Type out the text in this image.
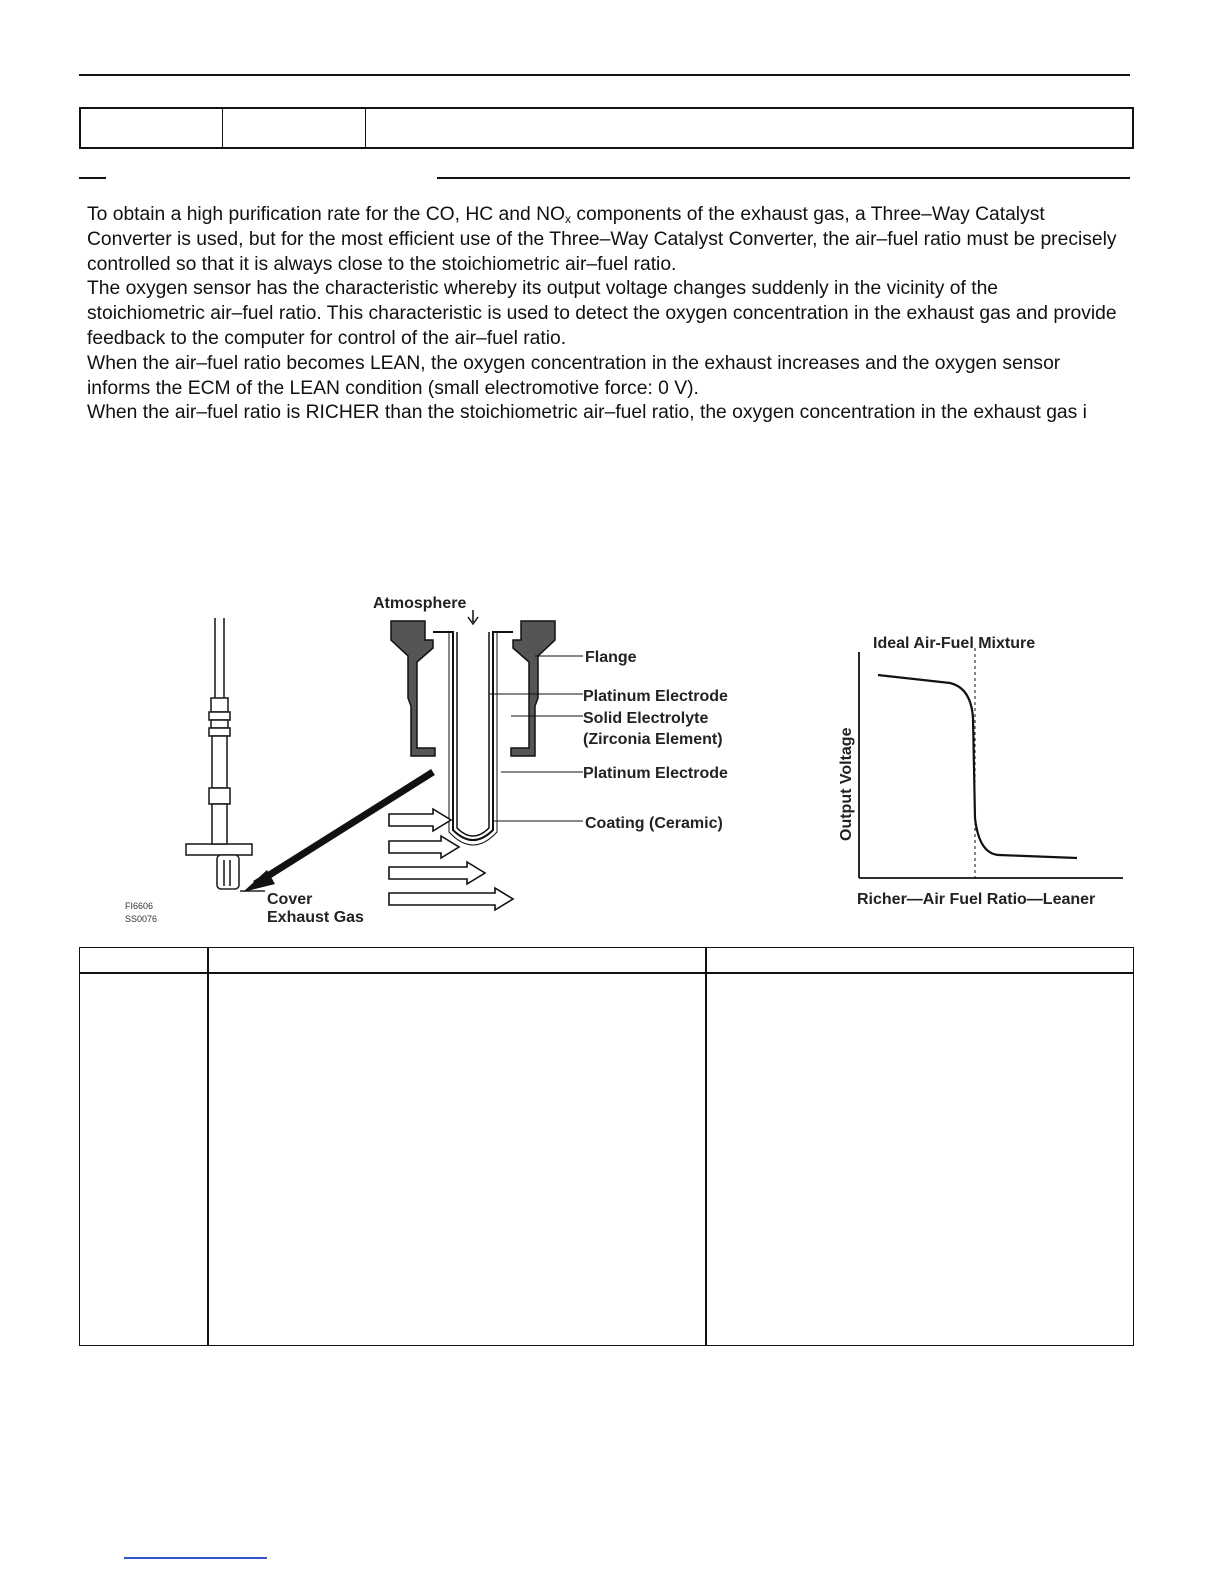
To obtain a high purification rate for the CO, HC and $NO_x$ components of the exhaust gas, a Three–Way Catalyst Converter is used, but for the most efficient use of the Three–Way Catalyst Converter, the air–fuel ratio must be precisely controlled so that it is always close to the stoichiometric air–fuel ratio.

The oxygen sensor has the characteristic whereby its output voltage changes suddenly in the vicinity of the stoichiometric air–fuel ratio. This characteristic is used to detect the oxygen concentration in the exhaust gas and provide feedback to the computer for control of the air–fuel ratio.

When the air–fuel ratio becomes LEAN, the oxygen concentration in the exhaust increases and the oxygen sensor informs the ECM of the LEAN condition (small electromotive force: 0 V).

When the air–fuel ratio is RICHER than the stoichiometric air–fuel ratio, the oxygen concentration in the exhaust gas i

Atmosphere
Flange
Platinum Electrode
Solid Electrolyte
(Zirconia Element)
Platinum Electrode
Coating (Ceramic)
Cover
Exhaust Gas
FI6606
SS0076
Ideal Air-Fuel Mixture
Output Voltage
Richer—Air Fuel Ratio—Leaner
